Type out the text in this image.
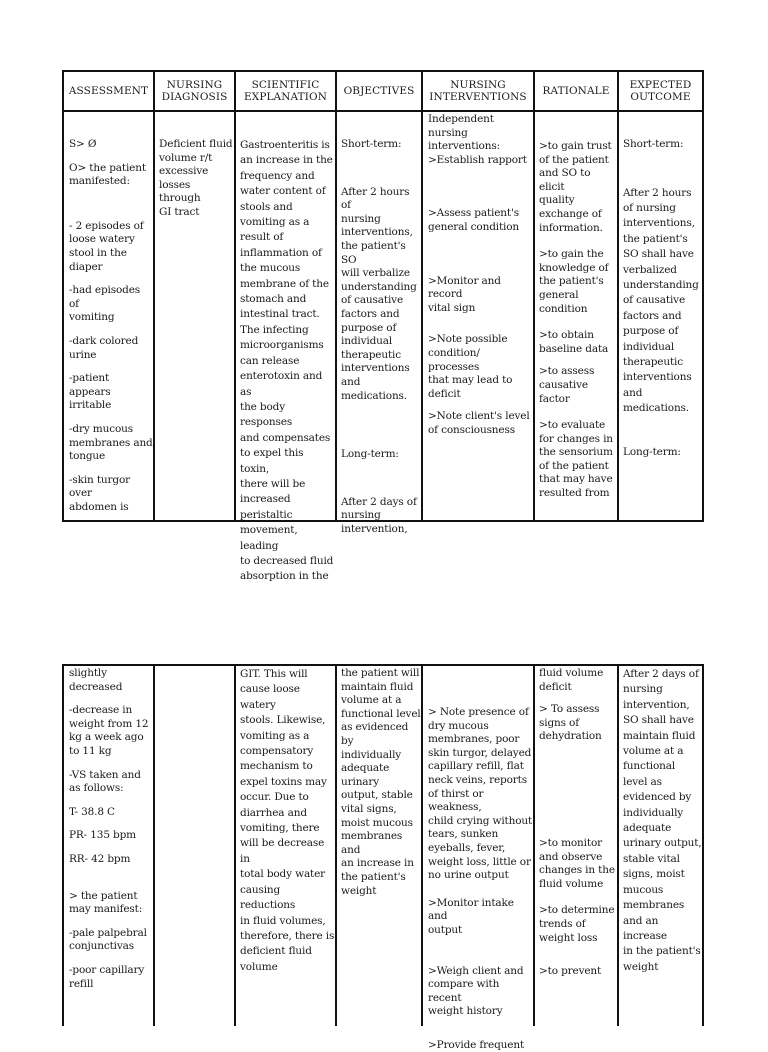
ASSESSMENT
NURSING
DIAGNOSIS
SCIENTIFIC
EXPLANATION
OBJECTIVES
NURSING
INTERVENTIONS
RATIONALE
EXPECTED
OUTCOME

S> Ø

O> the patient
manifested:

- 2 episodes of
loose watery
stool in the
diaper

-had episodes of
vomiting

-dark colored
urine

-patient appears
irritable

-dry mucous
membranes and
tongue

-skin turgor over
abdomen is

Deficient fluid
volume r/t
excessive
losses through
GI tract

Gastroenteritis is
an increase in the
frequency and
water content of
stools and
vomiting as a
result of
inflammation of
the mucous
membrane of the
stomach and
intestinal tract.
The infecting
microorganisms
can release
enterotoxin and as
the body responses
and compensates
to expel this toxin,
there will be
increased
peristaltic
movement, leading
to decreased fluid
absorption in the

Short-term:

After 2 hours of
nursing
interventions,
the patient's SO
will verbalize
understanding
of causative
factors and
purpose of
individual
therapeutic
interventions
and
medications.

Long-term:

After 2 days of
nursing
intervention,

Independent nursing
interventions:
>Establish rapport

>Assess patient's
general condition

>Monitor and record
vital sign

>Note possible
condition/ processes
that may lead to
deficit

>Note client's level
of consciousness

>to gain trust
of the patient
and SO to elicit
quality
exchange of
information.

>to gain the
knowledge of
the patient's
general
condition

>to obtain
baseline data

>to assess
causative factor

>to evaluate
for changes in
the sensorium
of the patient
that may have
resulted from

Short-term:

After 2 hours
of nursing
interventions,
the patient's
SO shall have
verbalized
understanding
of causative
factors and
purpose of
individual
therapeutic
interventions
and
medications.

Long-term:

slightly
decreased

-decrease in
weight from 12
kg a week ago
to 11 kg

-VS taken and
as follows:

T- 38.8 C

PR- 135 bpm

RR- 42 bpm

> the patient
may manifest:

-pale palpebral
conjunctivas

-poor capillary
refill

GIT. This will
cause loose watery
stools. Likewise,
vomiting as a
compensatory
mechanism to
expel toxins may
occur. Due to
diarrhea and
vomiting, there
will be decrease in
total body water
causing reductions
in fluid volumes,
therefore, there is
deficient fluid
volume

the patient will
maintain fluid
volume at a
functional level
as evidenced by
individually
adequate
urinary
output, stable
vital signs,
moist mucous
membranes and
an increase in
the patient's
weight

> Note presence of
dry mucous
membranes, poor
skin turgor, delayed
capillary refill, flat
neck veins, reports
of thirst or weakness,
child crying without
tears, sunken
eyeballs, fever,
weight loss, little or
no urine output

>Monitor intake and
output

>Weigh client and
compare with recent
weight history

>Provide frequent

fluid volume
deficit

> To assess
signs of
dehydration

>to monitor
and observe
changes in the
fluid volume

>to determine
trends of
weight loss

>to prevent

After 2 days of
nursing
intervention,
SO shall have
maintain fluid
volume at a
functional
level as
evidenced by
individually
adequate
urinary output,
stable vital
signs, moist
mucous
membranes
and an increase
in the patient's
weight
